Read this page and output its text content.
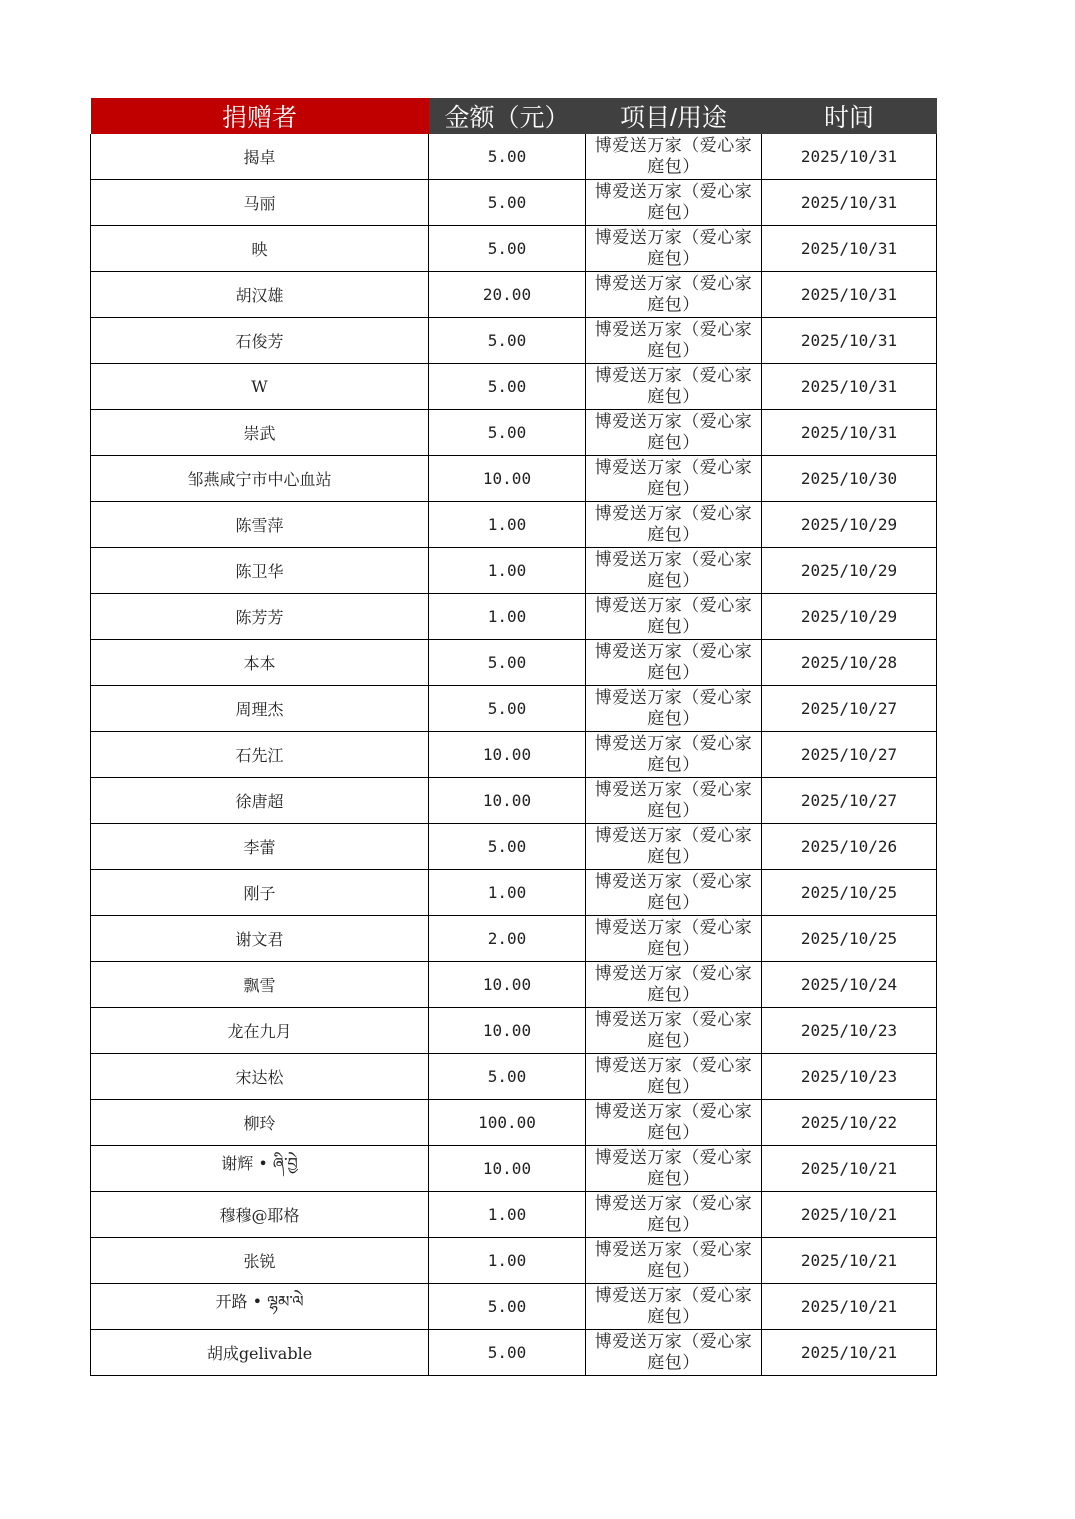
捐赠者	金额（元）	项目/用途	时间
揭卓	5.00	博爱送万家（爱心家庭包）	2025/10/31
马丽	5.00	博爱送万家（爱心家庭包）	2025/10/31
映	5.00	博爱送万家（爱心家庭包）	2025/10/31
胡汉雄	20.00	博爱送万家（爱心家庭包）	2025/10/31
石俊芳	5.00	博爱送万家（爱心家庭包）	2025/10/31
W	5.00	博爱送万家（爱心家庭包）	2025/10/31
崇武	5.00	博爱送万家（爱心家庭包）	2025/10/31
邹燕咸宁市中心血站	10.00	博爱送万家（爱心家庭包）	2025/10/30
陈雪萍	1.00	博爱送万家（爱心家庭包）	2025/10/29
陈卫华	1.00	博爱送万家（爱心家庭包）	2025/10/29
陈芳芳	1.00	博爱送万家（爱心家庭包）	2025/10/29
本本	5.00	博爱送万家（爱心家庭包）	2025/10/28
周理杰	5.00	博爱送万家（爱心家庭包）	2025/10/27
石先江	10.00	博爱送万家（爱心家庭包）	2025/10/27
徐唐超	10.00	博爱送万家（爱心家庭包）	2025/10/27
李蕾	5.00	博爱送万家（爱心家庭包）	2025/10/26
刚子	1.00	博爱送万家（爱心家庭包）	2025/10/25
谢文君	2.00	博爱送万家（爱心家庭包）	2025/10/25
飘雪	10.00	博爱送万家（爱心家庭包）	2025/10/24
龙在九月	10.00	博爱送万家（爱心家庭包）	2025/10/23
宋达松	5.00	博爱送万家（爱心家庭包）	2025/10/23
柳玲	100.00	博爱送万家（爱心家庭包）	2025/10/22
谢辉 • ཞི་བྱེ	10.00	博爱送万家（爱心家庭包）	2025/10/21
穆穆@耶格	1.00	博爱送万家（爱心家庭包）	2025/10/21
张锐	1.00	博爱送万家（爱心家庭包）	2025/10/21
开路 • ལྷམ་ལེ	5.00	博爱送万家（爱心家庭包）	2025/10/21
胡成gelivable	5.00	博爱送万家（爱心家庭包）	2025/10/21
